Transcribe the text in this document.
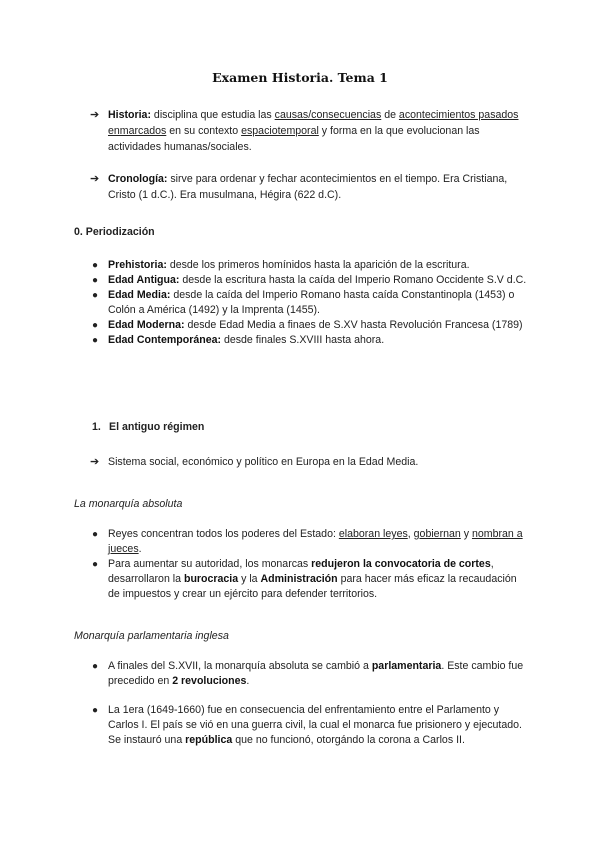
Examen Historia. Tema 1
➔ Historia: disciplina que estudia las causas/consecuencias de acontecimientos pasados enmarcados en su contexto espaciotemporal y forma en la que evolucionan las actividades humanas/sociales.
➔ Cronología: sirve para ordenar y fechar acontecimientos en el tiempo. Era Cristiana, Cristo (1 d.C.). Era musulmana, Hégira (622 d.C).
0. Periodización
● Prehistoria: desde los primeros homínidos hasta la aparición de la escritura.
● Edad Antigua: desde la escritura hasta la caída del Imperio Romano Occidente S.V d.C.
● Edad Media: desde la caída del Imperio Romano hasta caída Constantinopla (1453) o Colón a América (1492) y la Imprenta (1455).
● Edad Moderna: desde Edad Media a finaes de S.XV hasta Revolución Francesa (1789)
● Edad Contemporánea: desde finales S.XVIII hasta ahora.
1. El antiguo régimen
➔ Sistema social, económico y político en Europa en la Edad Media.
La monarquía absoluta
● Reyes concentran todos los poderes del Estado: elaboran leyes, gobiernan y nombran a jueces.
● Para aumentar su autoridad, los monarcas redujeron la convocatoria de cortes, desarrollaron la burocracia y la Administración para hacer más eficaz la recaudación de impuestos y crear un ejército para defender territorios.
Monarquía parlamentaria inglesa
● A finales del S.XVII, la monarquía absoluta se cambió a parlamentaria. Este cambio fue precedido en 2 revoluciones.
● La 1era (1649-1660) fue en consecuencia del enfrentamiento entre el Parlamento y Carlos I. El país se vió en una guerra civil, la cual el monarca fue prisionero y ejecutado. Se instauró una república que no funcionó, otorgándo la corona a Carlos II.
